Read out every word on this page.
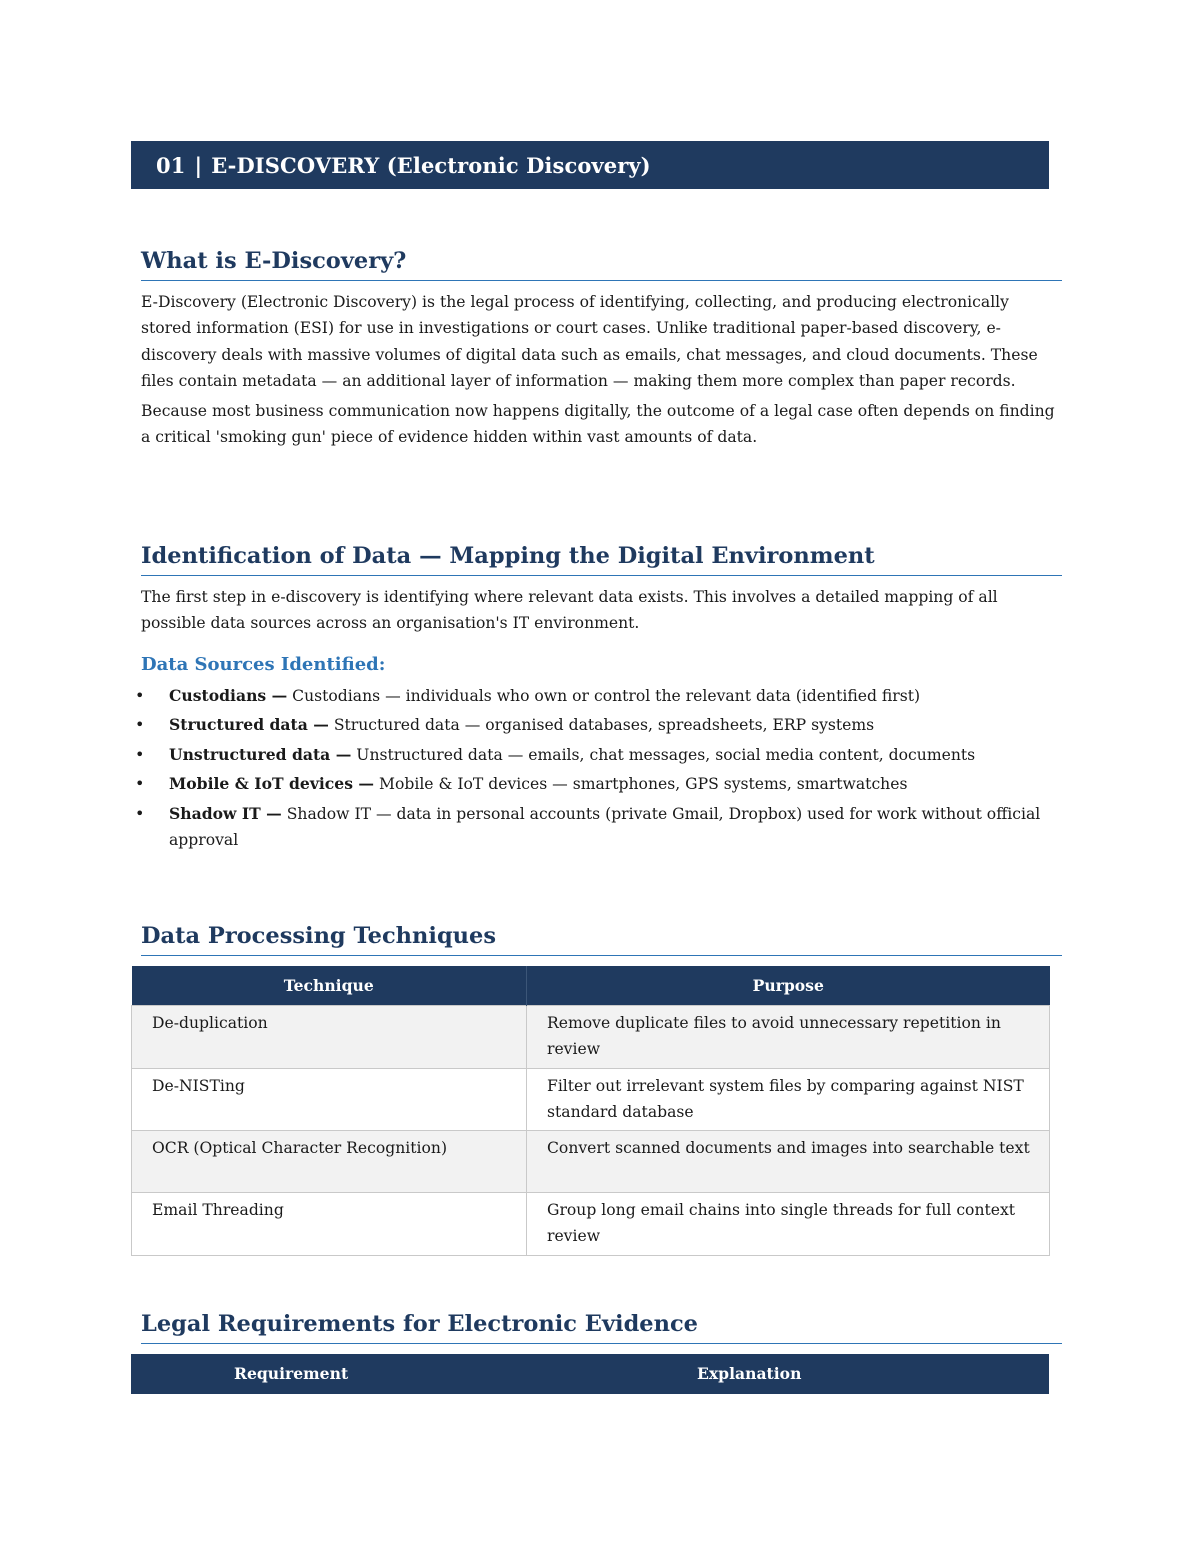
01 | E-DISCOVERY (Electronic Discovery)
What is E-Discovery?

E-Discovery (Electronic Discovery) is the legal process of identifying, collecting, and producing electronically stored information (ESI) for use in investigations or court cases. Unlike traditional paper-based discovery, e-discovery deals with massive volumes of digital data such as emails, chat messages, and cloud documents. These files contain metadata — an additional layer of information — making them more complex than paper records.

Because most business communication now happens digitally, the outcome of a legal case often depends on finding a critical 'smoking gun' piece of evidence hidden within vast amounts of data.

Identification of Data — Mapping the Digital Environment

The first step in e-discovery is identifying where relevant data exists. This involves a detailed mapping of all possible data sources across an organisation's IT environment.

Data Sources Identified:
• Custodians — Custodians — individuals who own or control the relevant data (identified first)
• Structured data — Structured data — organised databases, spreadsheets, ERP systems
• Unstructured data — Unstructured data — emails, chat messages, social media content, documents
• Mobile & IoT devices — Mobile & IoT devices — smartphones, GPS systems, smartwatches
• Shadow IT — Shadow IT — data in personal accounts (private Gmail, Dropbox) used for work without official approval
Data Processing Techniques
Technique	Purpose
De-duplication	Remove duplicate files to avoid unnecessary repetition in review
De-NISTing	Filter out irrelevant system files by comparing against NIST standard database
OCR (Optical Character Recognition)	Convert scanned documents and images into searchable text
Email Threading	Group long email chains into single threads for full context review
Legal Requirements for Electronic Evidence
Requirement	Explanation
